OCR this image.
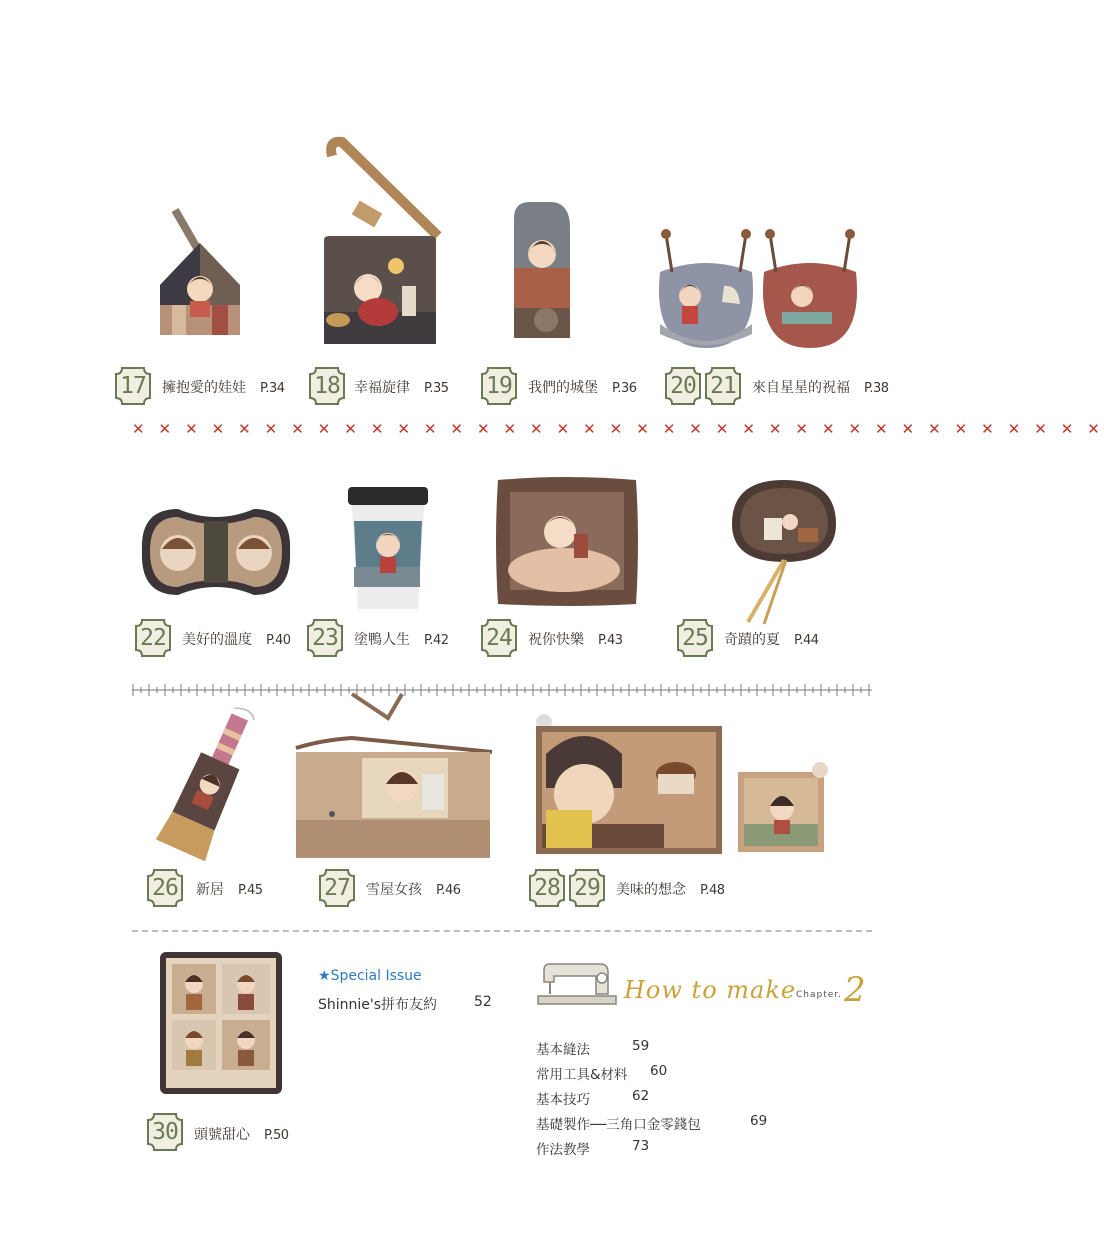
17	擁抱愛的娃娃 P.34 18	幸福旋律 P.35 19	我們的城堡 P.36 20 21	來自星星的祝福 P.38
✕ ✕ ✕ ✕ ✕ ✕ ✕ ✕ ✕ ✕ ✕ ✕ ✕ ✕ ✕ ✕ ✕ ✕ ✕ ✕ ✕ ✕ ✕ ✕ ✕ ✕ ✕ ✕ ✕ ✕ ✕ ✕ ✕ ✕ ✕ ✕ ✕
22	美好的溫度 P.40 23	塗鴨人生 P.42 24	祝你快樂 P.43	25	奇蹟的夏 P.44
26	新居 P.45	27	雪屋女孩 P.46	28 29	美味的想念 P.48
30	頭號甜心 P.50
★Special Issue
Shinnie's拼布友約	52	How to make Chapter. 2
基本縫法	59
常用工具&材料 60
基本技巧	62
基礎製作──三角口金零錢包	69
作法教學	73
